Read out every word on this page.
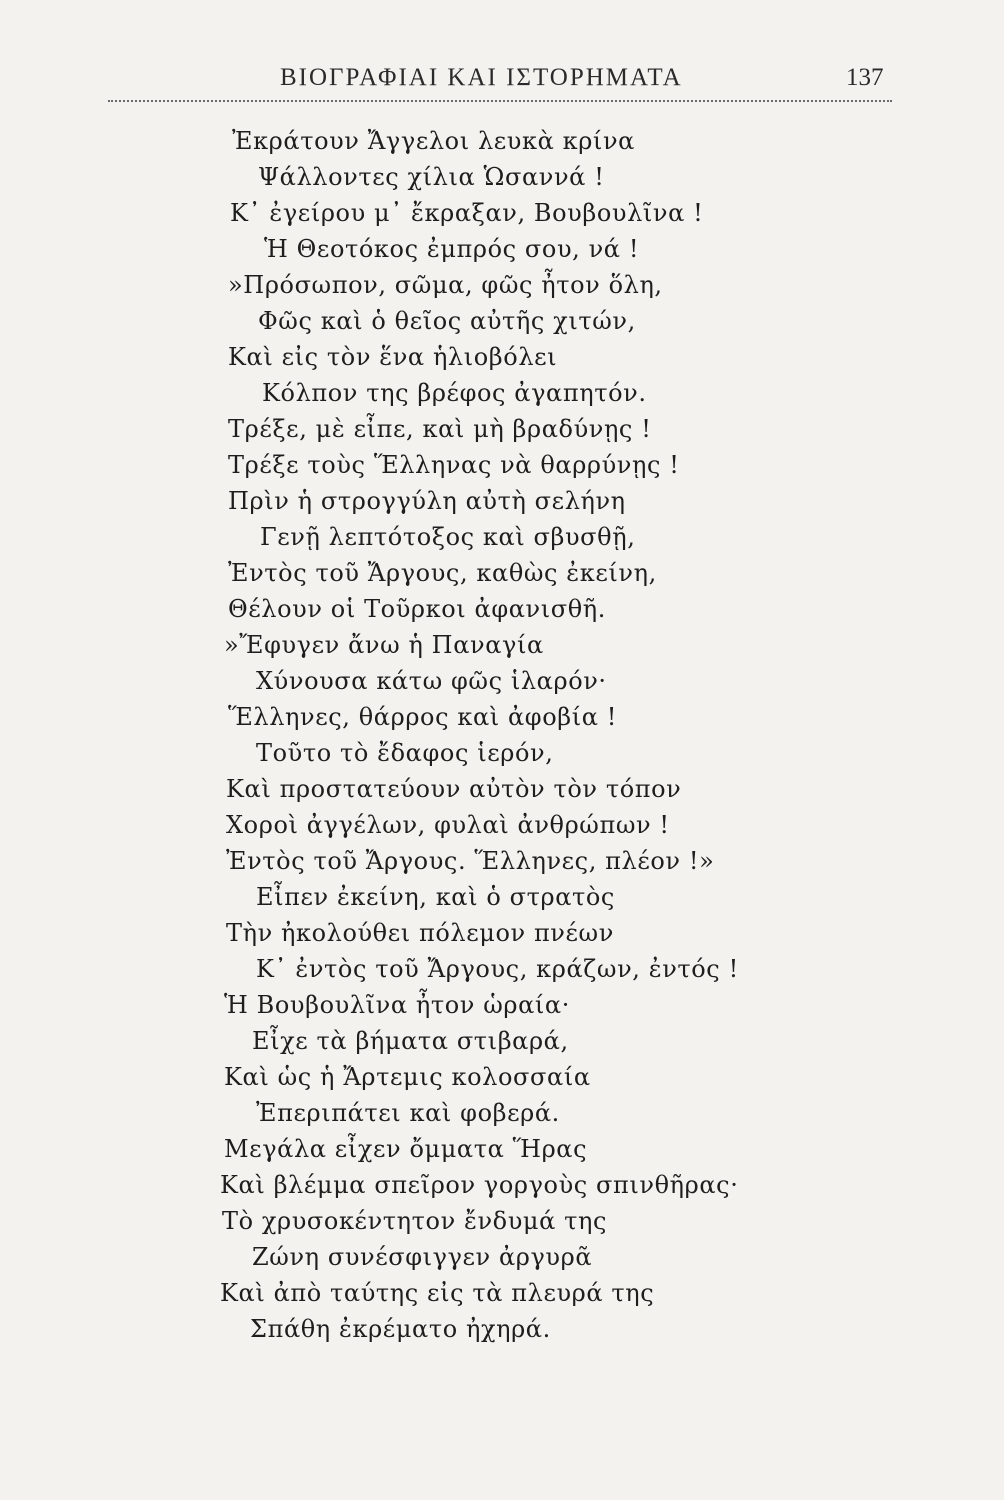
ΒΙΟΓΡΑΦΙΑΙ ΚΑΙ ΙΣΤΟΡΗΜΑΤΑ	137
Ἐκράτουν Ἄγγελοι λευκὰ κρίνα
Ψάλλοντες χίλια Ὡσαννά !
Κ᾽ ἐγείρου μ᾽ ἔκραξαν, Βουβουλῖνα !
Ἡ Θεοτόκος ἐμπρός σου, νά !
»Πρόσωπον, σῶμα, φῶς ἦτον ὅλη,
Φῶς καὶ ὁ θεῖος αὐτῆς χιτών,
Καὶ εἰς τὸν ἕνα ἡλιοβόλει
Κόλπον της βρέφος ἀγαπητόν.
Τρέξε, μὲ εἶπε, καὶ μὴ βραδύνῃς !
Τρέξε τοὺς Ἕλληνας νὰ θαρρύνῃς !
Πρὶν ἡ στρογγύλη αὐτὴ σελήνη
Γενῇ λεπτότοξος καὶ σβυσθῇ,
Ἐντὸς τοῦ Ἄργους, καθὼς ἐκείνη,
Θέλουν οἱ Τοῦρκοι ἀφανισθῆ.
»Ἔφυγεν ἄνω ἡ Παναγία
Χύνουσα κάτω φῶς ἱλαρόν·
Ἕλληνες, θάρρος καὶ ἀφοβία !
Τοῦτο τὸ ἔδαφος ἱερόν,
Καὶ προστατεύουν αὐτὸν τὸν τόπον
Χοροὶ ἀγγέλων, φυλαὶ ἀνθρώπων !
Ἐντὸς τοῦ Ἄργους. Ἕλληνες, πλέον !»
Εἶπεν ἐκείνη, καὶ ὁ στρατὸς
Τὴν ἠκολούθει πόλεμον πνέων
Κ᾽ ἐντὸς τοῦ Ἄργους, κράζων, ἐντός !
Ἡ Βουβουλῖνα ἦτον ὡραία·
Εἶχε τὰ βήματα στιβαρά,
Καὶ ὡς ἡ Ἄρτεμις κολοσσαία
Ἐπεριπάτει καὶ φοβερά.
Μεγάλα εἶχεν ὄμματα Ἥρας
Καὶ βλέμμα σπεῖρον γοργοὺς σπινθῆρας·
Τὸ χρυσοκέντητον ἔνδυμά της
Ζώνη συνέσφιγγεν ἀργυρᾶ
Καὶ ἀπὸ ταύτης εἰς τὰ πλευρά της
Σπάθη ἐκρέματο ἠχηρά.
